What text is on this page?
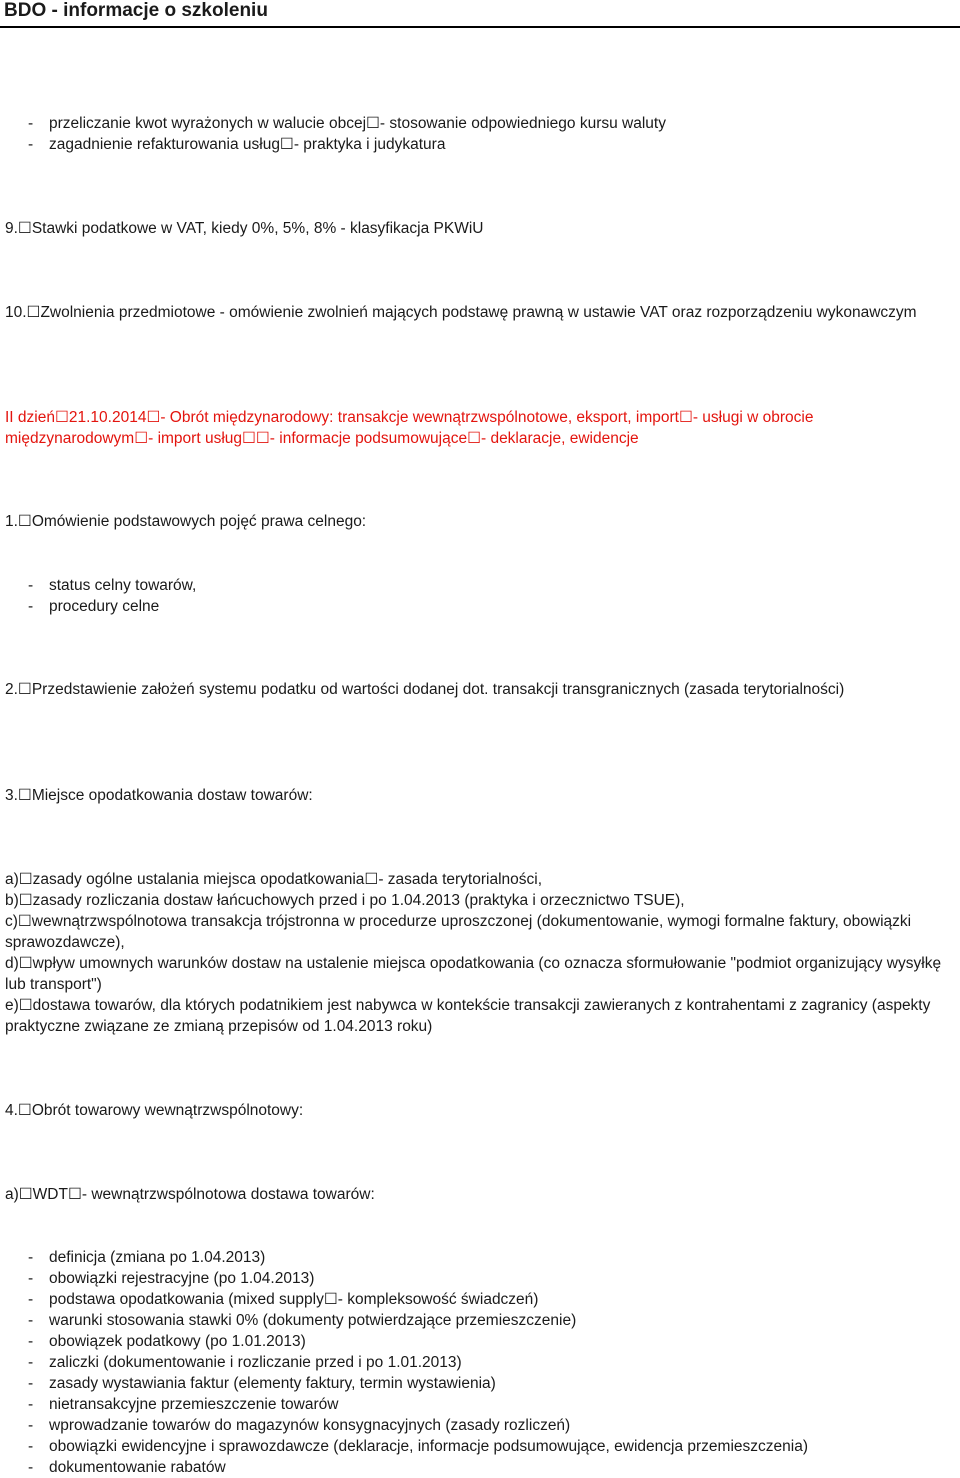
BDO - informacje o szkoleniu
- przeliczanie kwot wyrażonych w walucie obcej☐- stosowanie odpowiedniego kursu waluty
- zagadnienie refakturowania usług☐- praktyka i judykatura
9.☐Stawki podatkowe w VAT, kiedy 0%, 5%, 8% - klasyfikacja PKWiU
10.☐Zwolnienia przedmiotowe - omówienie zwolnień mających podstawę prawną w ustawie VAT oraz rozporządzeniu wykonawczym
II dzień☐21.10.2014☐- Obrót międzynarodowy: transakcje wewnątrzwspólnotowe, eksport, import☐- usługi w obrocie międzynarodowym☐- import usług☐☐- informacje podsumowujące☐- deklaracje, ewidencje
1.☐Omówienie podstawowych pojęć prawa celnego:
- status celny towarów,
- procedury celne
2.☐Przedstawienie założeń systemu podatku od wartości dodanej dot. transakcji transgranicznych (zasada terytorialności)
3.☐Miejsce opodatkowania dostaw towarów:
a)☐zasady ogólne ustalania miejsca opodatkowania☐- zasada terytorialności,
b)☐zasady rozliczania dostaw łańcuchowych przed i po 1.04.2013 (praktyka i orzecznictwo TSUE),
c)☐wewnątrzwspólnotowa transakcja trójstronna w procedurze uproszczonej (dokumentowanie, wymogi formalne faktury, obowiązki sprawozdawcze),
d)☐wpływ umownych warunków dostaw na ustalenie miejsca opodatkowania (co oznacza sformułowanie "podmiot organizujący wysyłkę lub transport")
e)☐dostawa towarów, dla których podatnikiem jest nabywca w kontekście transakcji zawieranych z kontrahentami z zagranicy (aspekty praktyczne związane ze zmianą przepisów od 1.04.2013 roku)
4.☐Obrót towarowy wewnątrzwspólnotowy:
a)☐WDT☐- wewnątrzwspólnotowa dostawa towarów:
- definicja (zmiana po 1.04.2013)
- obowiązki rejestracyjne (po 1.04.2013)
- podstawa opodatkowania (mixed supply☐- kompleksowość świadczeń)
- warunki stosowania stawki 0% (dokumenty potwierdzające przemieszczenie)
- obowiązek podatkowy (po 1.01.2013)
- zaliczki (dokumentowanie i rozliczanie przed i po 1.01.2013)
- zasady wystawiania faktur (elementy faktury, termin wystawienia)
- nietransakcyjne przemieszczenie towarów
- wprowadzanie towarów do magazynów konsygnacyjnych (zasady rozliczeń)
- obowiązki ewidencyjne i sprawozdawcze (deklaracje, informacje podsumowujące, ewidencja przemieszczenia)
- dokumentowanie rabatów
